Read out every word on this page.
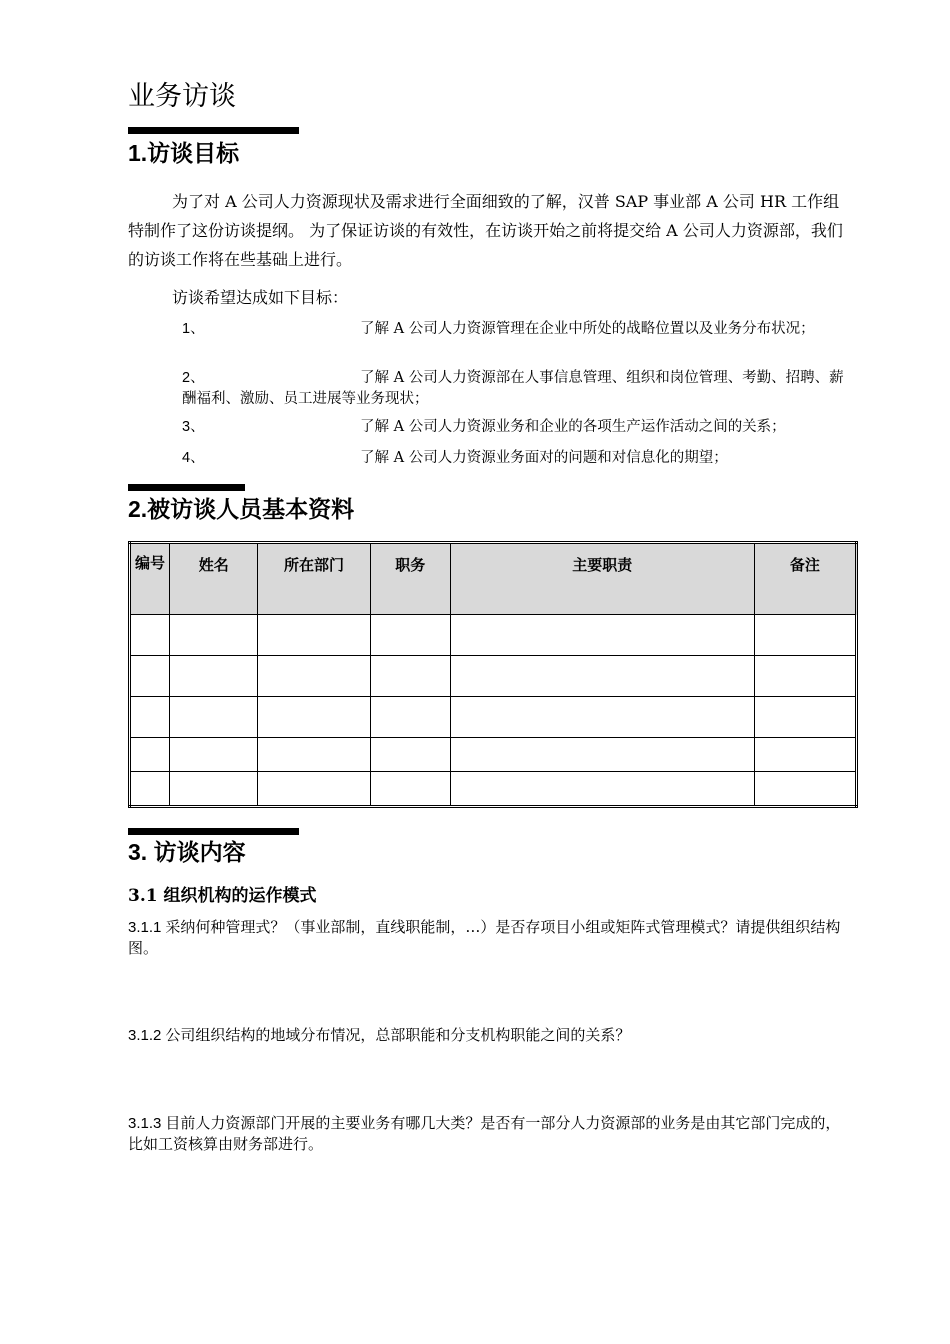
业务访谈
1.访谈目标
为了对 A 公司人力资源现状及需求进行全面细致的了解，汉普 SAP 事业部 A 公司 HR 工作组特制作了这份访谈提纲。 为了保证访谈的有效性，在访谈开始之前将提交给 A 公司人力资源部，我们的访谈工作将在些基础上进行。
访谈希望达成如下目标：
1、	了解 A 公司人力资源管理在企业中所处的战略位置以及业务分布状况；
2、	了解 A 公司人力资源部在人事信息管理、组织和岗位管理、考勤、招聘、薪酬福利、激励、员工进展等业务现状；
3、	了解 A 公司人力资源业务和企业的各项生产运作活动之间的关系；
4、	了解 A 公司人力资源业务面对的问题和对信息化的期望；
2.被访谈人员基本资料
编号	姓名	所在部门	职务	主要职责	备注

3. 访谈内容
3.1 组织机构的运作模式
3.1.1 采纳何种管理式？（事业部制，直线职能制，…）是否存项目小组或矩阵式管理模式？请提供组织结构图。
3.1.2 公司组织结构的地域分布情况，总部职能和分支机构职能之间的关系？
3.1.3 目前人力资源部门开展的主要业务有哪几大类？是否有一部分人力资源部的业务是由其它部门完成的，比如工资核算由财务部进行。
